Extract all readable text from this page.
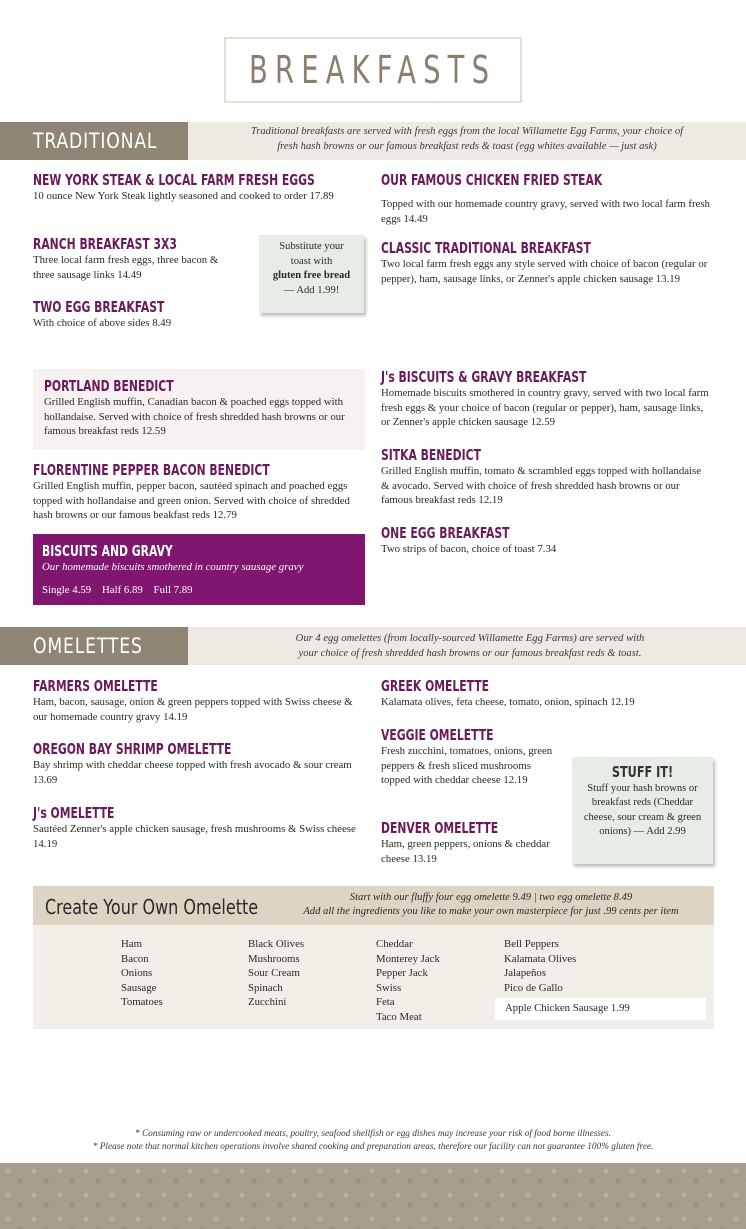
BREAKFASTS
TRADITIONAL	Traditional breakfasts are served with fresh eggs from the local Willamette Egg Farms, your choice of
fresh hash browns or our famous breakfast reds & toast (egg whites available — just ask)
NEW YORK STEAK & LOCAL FARM FRESH EGGS
10 ounce New York Steak lightly seasoned and cooked to order 17.89
RANCH BREAKFAST 3X3
Three local farm fresh eggs, three bacon & three sausage links 14.49
TWO EGG BREAKFAST
With choice of above sides 8.49
Substitute your
toast with
gluten free bread
— Add 1.99!
OUR FAMOUS CHICKEN FRIED STEAK
Topped with our homemade country gravy, served with two local farm fresh eggs 14.49
CLASSIC TRADITIONAL BREAKFAST
Two local farm fresh eggs any style served with choice of bacon (regular or pepper), ham, sausage links, or Zenner's apple chicken sausage 13.19
PORTLAND BENEDICT
Grilled English muffin, Canadian bacon & poached eggs topped with hollandaise. Served with choice of fresh shredded hash browns or our famous breakfast reds 12.59
FLORENTINE PEPPER BACON BENEDICT
Grilled English muffin, pepper bacon, sautéed spinach and poached eggs topped with hollandaise and green onion. Served with choice of shredded hash browns or our famous beakfast reds 12.79
BISCUITS AND GRAVY
Our homemade biscuits smothered in country sausage gravy
Single 4.59    Half 6.89    Full 7.89
J's BISCUITS & GRAVY BREAKFAST
Homemade biscuits smothered in country gravy, served with two local farm fresh eggs & your choice of bacon (regular or pepper), ham, sausage links, or Zenner's apple chicken sausage 12.59
SITKA BENEDICT
Grilled English muffin, tomato & scrambled eggs topped with hollandaise & avocado. Served with choice of fresh shredded hash browns or our famous breakfast reds 12.19
ONE EGG BREAKFAST
Two strips of bacon, choice of toast 7.34
OMELETTES	Our 4 egg omelettes (from locally-sourced Willamette Egg Farms) are served with
your choice of fresh shredded hash browns or our famous breakfast reds & toast.
FARMERS OMELETTE
Ham, bacon, sausage, onion & green peppers topped with Swiss cheese & our homemade country gravy 14.19
OREGON BAY SHRIMP OMELETTE
Bay shrimp with cheddar cheese topped with fresh avocado & sour cream 13.69
J's OMELETTE
Sautéed Zenner's apple chicken sausage, fresh mushrooms & Swiss cheese 14.19
GREEK OMELETTE
Kalamata olives, feta cheese, tomato, onion, spinach 12.19
VEGGIE OMELETTE
Fresh zucchini, tomatoes, onions, green peppers & fresh sliced mushrooms topped with cheddar cheese 12.19
DENVER OMELETTE
Ham, green peppers, onions & cheddar cheese 13.19
STUFF IT!
Stuff your hash browns or breakfast reds (Cheddar cheese, sour cream & green onions) — Add 2.99
Create Your Own Omelette	Start with our fluffy four egg omelette 9.49 | two egg omelette 8.49
Add all the ingredients you like to make your own masterpiece for just .99 cents per item
Ham
Bacon
Onions
Sausage
Tomatoes
Black Olives
Mushrooms
Sour Cream
Spinach
Zucchini
Cheddar
Monterey Jack
Pepper Jack
Swiss
Feta
Taco Meat
Bell Peppers
Kalamata Olives
Jalapeños
Pico de Gallo
Apple Chicken Sausage 1.99
* Consuming raw or undercooked meats, poultry, seafood shellfish or egg dishes may increase your risk of food borne illnesses.
* Please note that normal kitchen operations involve shared cooking and preparation areas, therefore our facility can not guarantee 100% gluten free.
